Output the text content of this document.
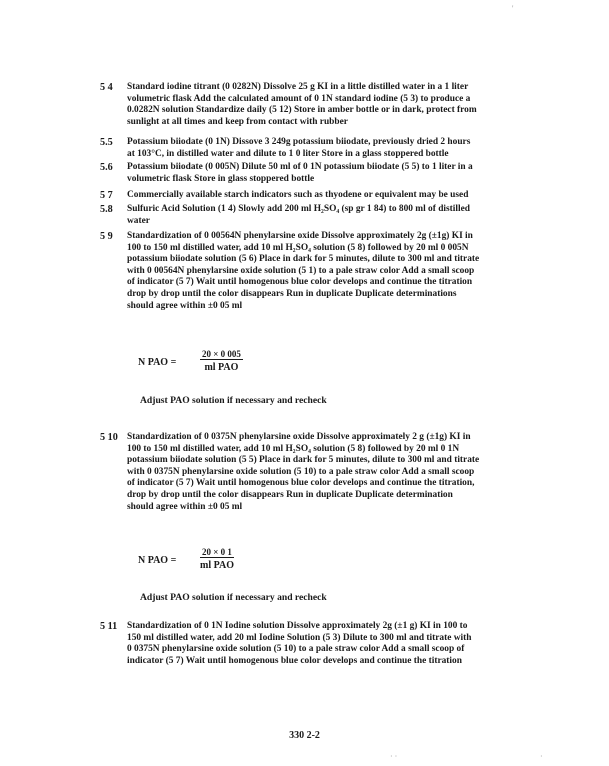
5 4 Standard iodine titrant (0 0282N) Dissolve 25 g KI in a little distilled water in a 1 liter
volumetric flask Add the calculated amount of 0 1N standard iodine (5 3) to produce a
0.0282N solution Standardize daily (5 12) Store in amber bottle or in dark, protect from
sunlight at all times and keep from contact with rubber
5.5 Potassium biiodate (0 1N) Dissove 3 249g potassium biiodate, previously dried 2 hours
at 103°C, in distilled water and dilute to 1 0 liter Store in a glass stoppered bottle
5.6 Potassium biiodate (0 005N) Dilute 50 ml of 0 1N potassium biiodate (5 5) to 1 liter in a
volumetric flask Store in glass stoppered bottle
5 7 Commercially available starch indicators such as thyodene or equivalent may be used
5.8 Sulfuric Acid Solution (1 4) Slowly add 200 ml H₂SO₄ (sp gr 1 84) to 800 ml of distilled
water
5 9 Standardization of 0 00564N phenylarsine oxide Dissolve approximately 2g (±1g) KI in
100 to 150 ml distilled water, add 10 ml H₂SO₄ solution (5 8) followed by 20 ml 0 005N
potassium biiodate solution (5 6) Place in dark for 5 minutes, dilute to 300 ml and titrate
with 0 00564N phenylarsine oxide solution (5 1) to a pale straw color Add a small scoop
of indicator (5 7) Wait until homogenous blue color develops and continue the titration
drop by drop until the color disappears Run in duplicate Duplicate determinations
should agree within ±0 05 ml
N PAO =
20 × 0 005
ml PAO
Adjust PAO solution if necessary and recheck
5 10 Standardization of 0 0375N phenylarsine oxide Dissolve approximately 2 g (±1g) KI in
100 to 150 ml distilled water, add 10 ml H₂SO₄ solution (5 8) followed by 20 ml 0 1N
potassium biiodate solution (5 5) Place in dark for 5 minutes, dilute to 300 ml and titrate
with 0 0375N phenylarsine oxide solution (5 10) to a pale straw color Add a small scoop
of indicator (5 7) Wait until homogenous blue color develops and continue the titration,
drop by drop until the color disappears Run in duplicate Duplicate determination
should agree within ±0 05 ml
N PAO =
20 × 0 1
ml PAO
Adjust PAO solution if necessary and recheck
5 11 Standardization of 0 1N Iodine solution Dissolve approximately 2g (±1 g) KI in 100 to
150 ml distilled water, add 20 ml Iodine Solution (5 3) Dilute to 300 ml and titrate with
0 0375N phenylarsine oxide solution (5 10) to a pale straw color Add a small scoop of
indicator (5 7) Wait until homogenous blue color develops and continue the titration
330 2-2
'
· ·	·
